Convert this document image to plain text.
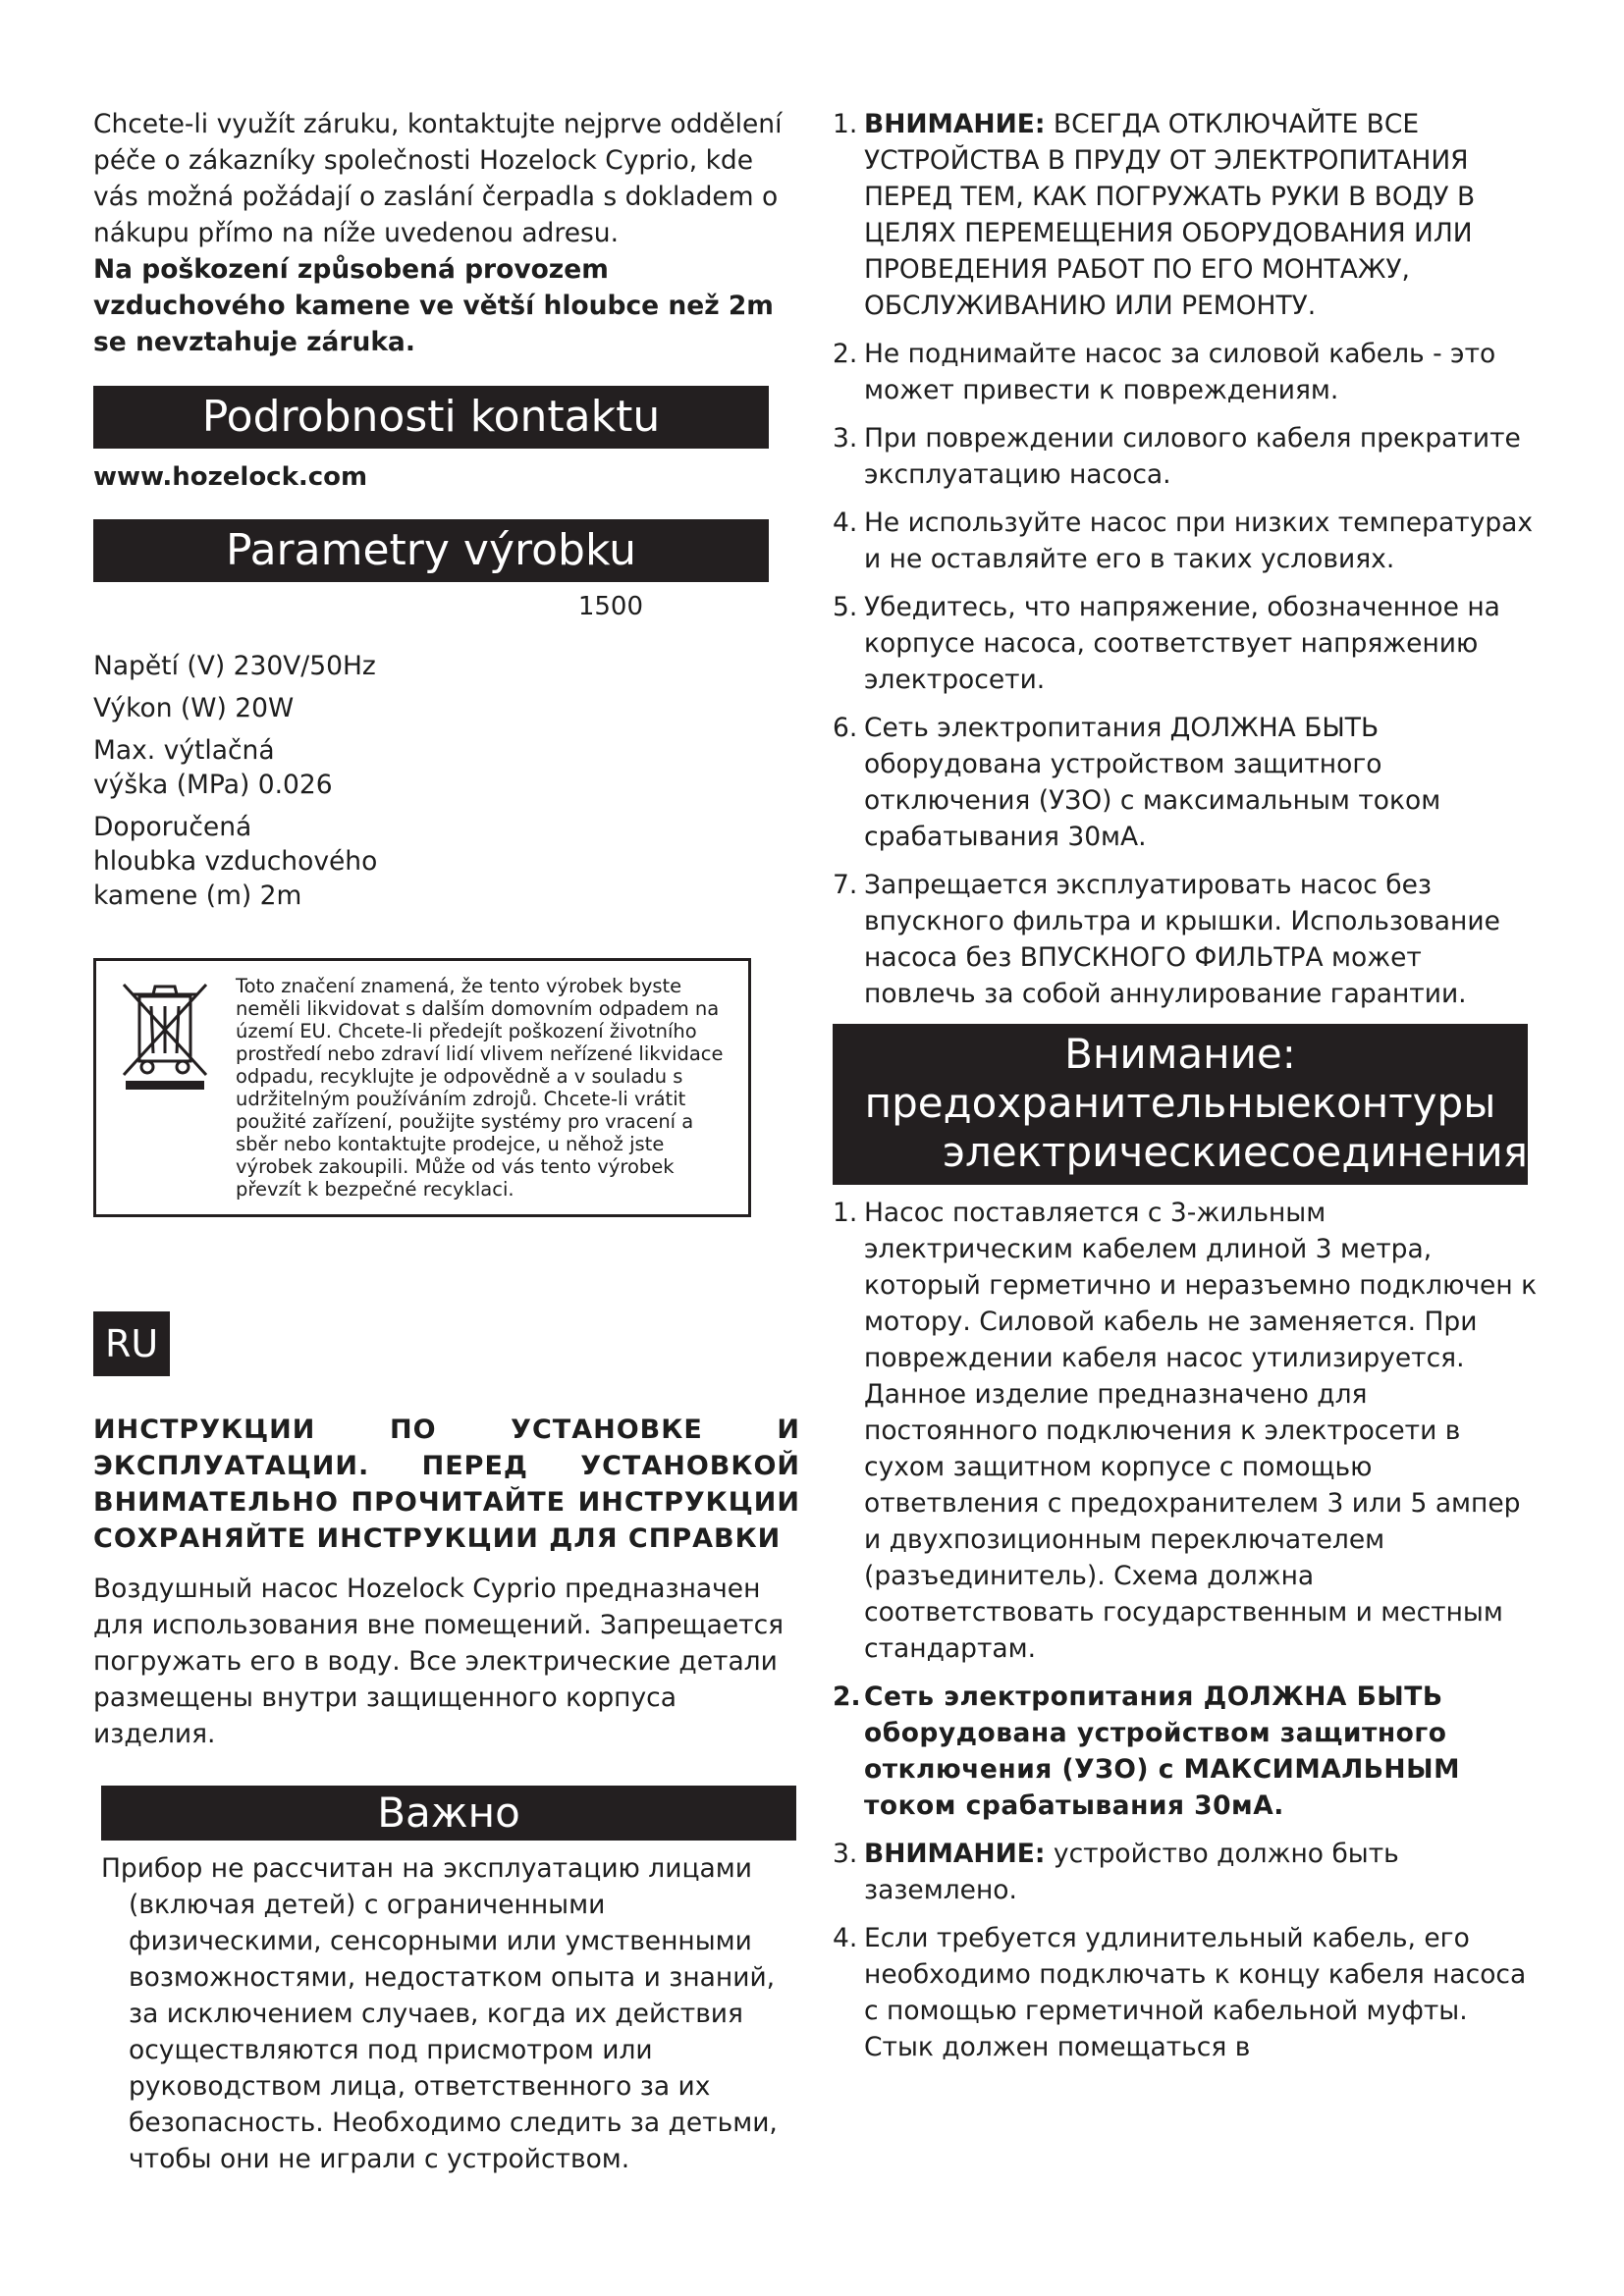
Chcete-li využít záruku, kontaktujte nejprve oddělení péče o zákazníky společnosti Hozelock Cyprio, kde vás možná požádají o zaslání čerpadla s dokladem o nákupu přímo na níže uvedenou adresu.

Na poškození způsobená provozem vzduchového kamene ve větší hloubce než 2m se nevztahuje záruka.

Podrobnosti kontaktu
www.hozelock.com
Parametry výrobku
1500
Napětí (V) 230V/50Hz
Výkon (W) 20W
Max. výtlačná
výška (MPa) 0.026
Doporučená
hloubka vzduchového
kamene (m) 2m
Toto značení znamená, že tento výrobek byste neměli likvidovat s dalším domovním odpadem na území EU. Chcete-li předejít poškození životního prostředí nebo zdraví lidí vlivem neřízené likvidace odpadu, recyklujte je odpovědně a v souladu s udržitelným používáním zdrojů. Chcete-li vrátit použité zařízení, použijte systémy pro vracení a sběr nebo kontaktujte prodejce, u něhož jste výrobek zakoupili. Může od vás tento výrobek převzít k bezpečné recyklaci.
RU
ИНСТРУКЦИИ ПО УСТАНОВКЕ И ЭКСПЛУАТАЦИИ. ПЕРЕД УСТАНОВКОЙ ВНИМАТЕЛЬНО ПРОЧИТАЙТЕ ИНСТРУКЦИИ СОХРАНЯЙТЕ ИНСТРУКЦИИ ДЛЯ СПРАВКИ

Воздушный насос Hozelock Cyprio предназначен для использования вне помещений. Запрещается погружать его в воду. Все электрические детали размещены внутри защищенного корпуса изделия.

Важно

Прибор не рассчитан на эксплуатацию лицами (включая детей) с ограниченными физическими, сенсорными или умственными возможностями, недостатком опыта и знаний, за исключением случаев, когда их действия осуществляются под присмотром или руководством лица, ответственного за их безопасность. Необходимо следить за детьми, чтобы они не играли с устройством.

1. ВНИМАНИЕ: ВСЕГДА ОТКЛЮЧАЙТЕ ВСЕ УСТРОЙСТВА В ПРУДУ ОТ ЭЛЕКТРОПИТАНИЯ ПЕРЕД ТЕМ, КАК ПОГРУЖАТЬ РУКИ В ВОДУ В ЦЕЛЯХ ПЕРЕМЕЩЕНИЯ ОБОРУДОВАНИЯ ИЛИ ПРОВЕДЕНИЯ РАБОТ ПО ЕГО МОНТАЖУ, ОБСЛУЖИВАНИЮ ИЛИ РЕМОНТУ.
2. Не поднимайте насос за силовой кабель - это может привести к повреждениям.
3. При повреждении силового кабеля прекратите эксплуатацию насоса.
4. Не используйте насос при низких температурах и не оставляйте его в таких условиях.
5. Убедитесь, что напряжение, обозначенное на корпусе насоса, соответствует напряжению электросети.
6. Сеть электропитания ДОЛЖНА БЫТЬ оборудована устройством защитного отключения (УЗО) с максимальным током срабатывания 30мА.
7. Запрещается эксплуатировать насос без впускного фильтра и крышки. Использование насоса без ВПУСКНОГО ФИЛЬТРА может повлечь за собой аннулирование гарантии.
Внимание:
предохранительныеконтуры
электрическиесоединения
1. Насос поставляется с 3-жильным электрическим кабелем длиной 3 метра, который герметично и неразъемно подключен к мотору. Силовой кабель не заменяется. При повреждении кабеля насос утилизируется. Данное изделие предназначено для постоянного подключения к электросети в сухом защитном корпусе с помощью ответвления с предохранителем 3 или 5 ампер и двухпозиционным переключателем (разъединитель). Схема должна соответствовать государственным и местным стандартам.
2. Сеть электропитания ДОЛЖНА БЫТЬ оборудована устройством защитного отключения (УЗО) с МАКСИМАЛЬНЫМ током срабатывания 30мА.
3. ВНИМАНИЕ: устройство должно быть заземлено.
4. Если требуется удлинительный кабель, его необходимо подключать к концу кабеля насоса с помощью герметичной кабельной муфты. Стык должен помещаться в
